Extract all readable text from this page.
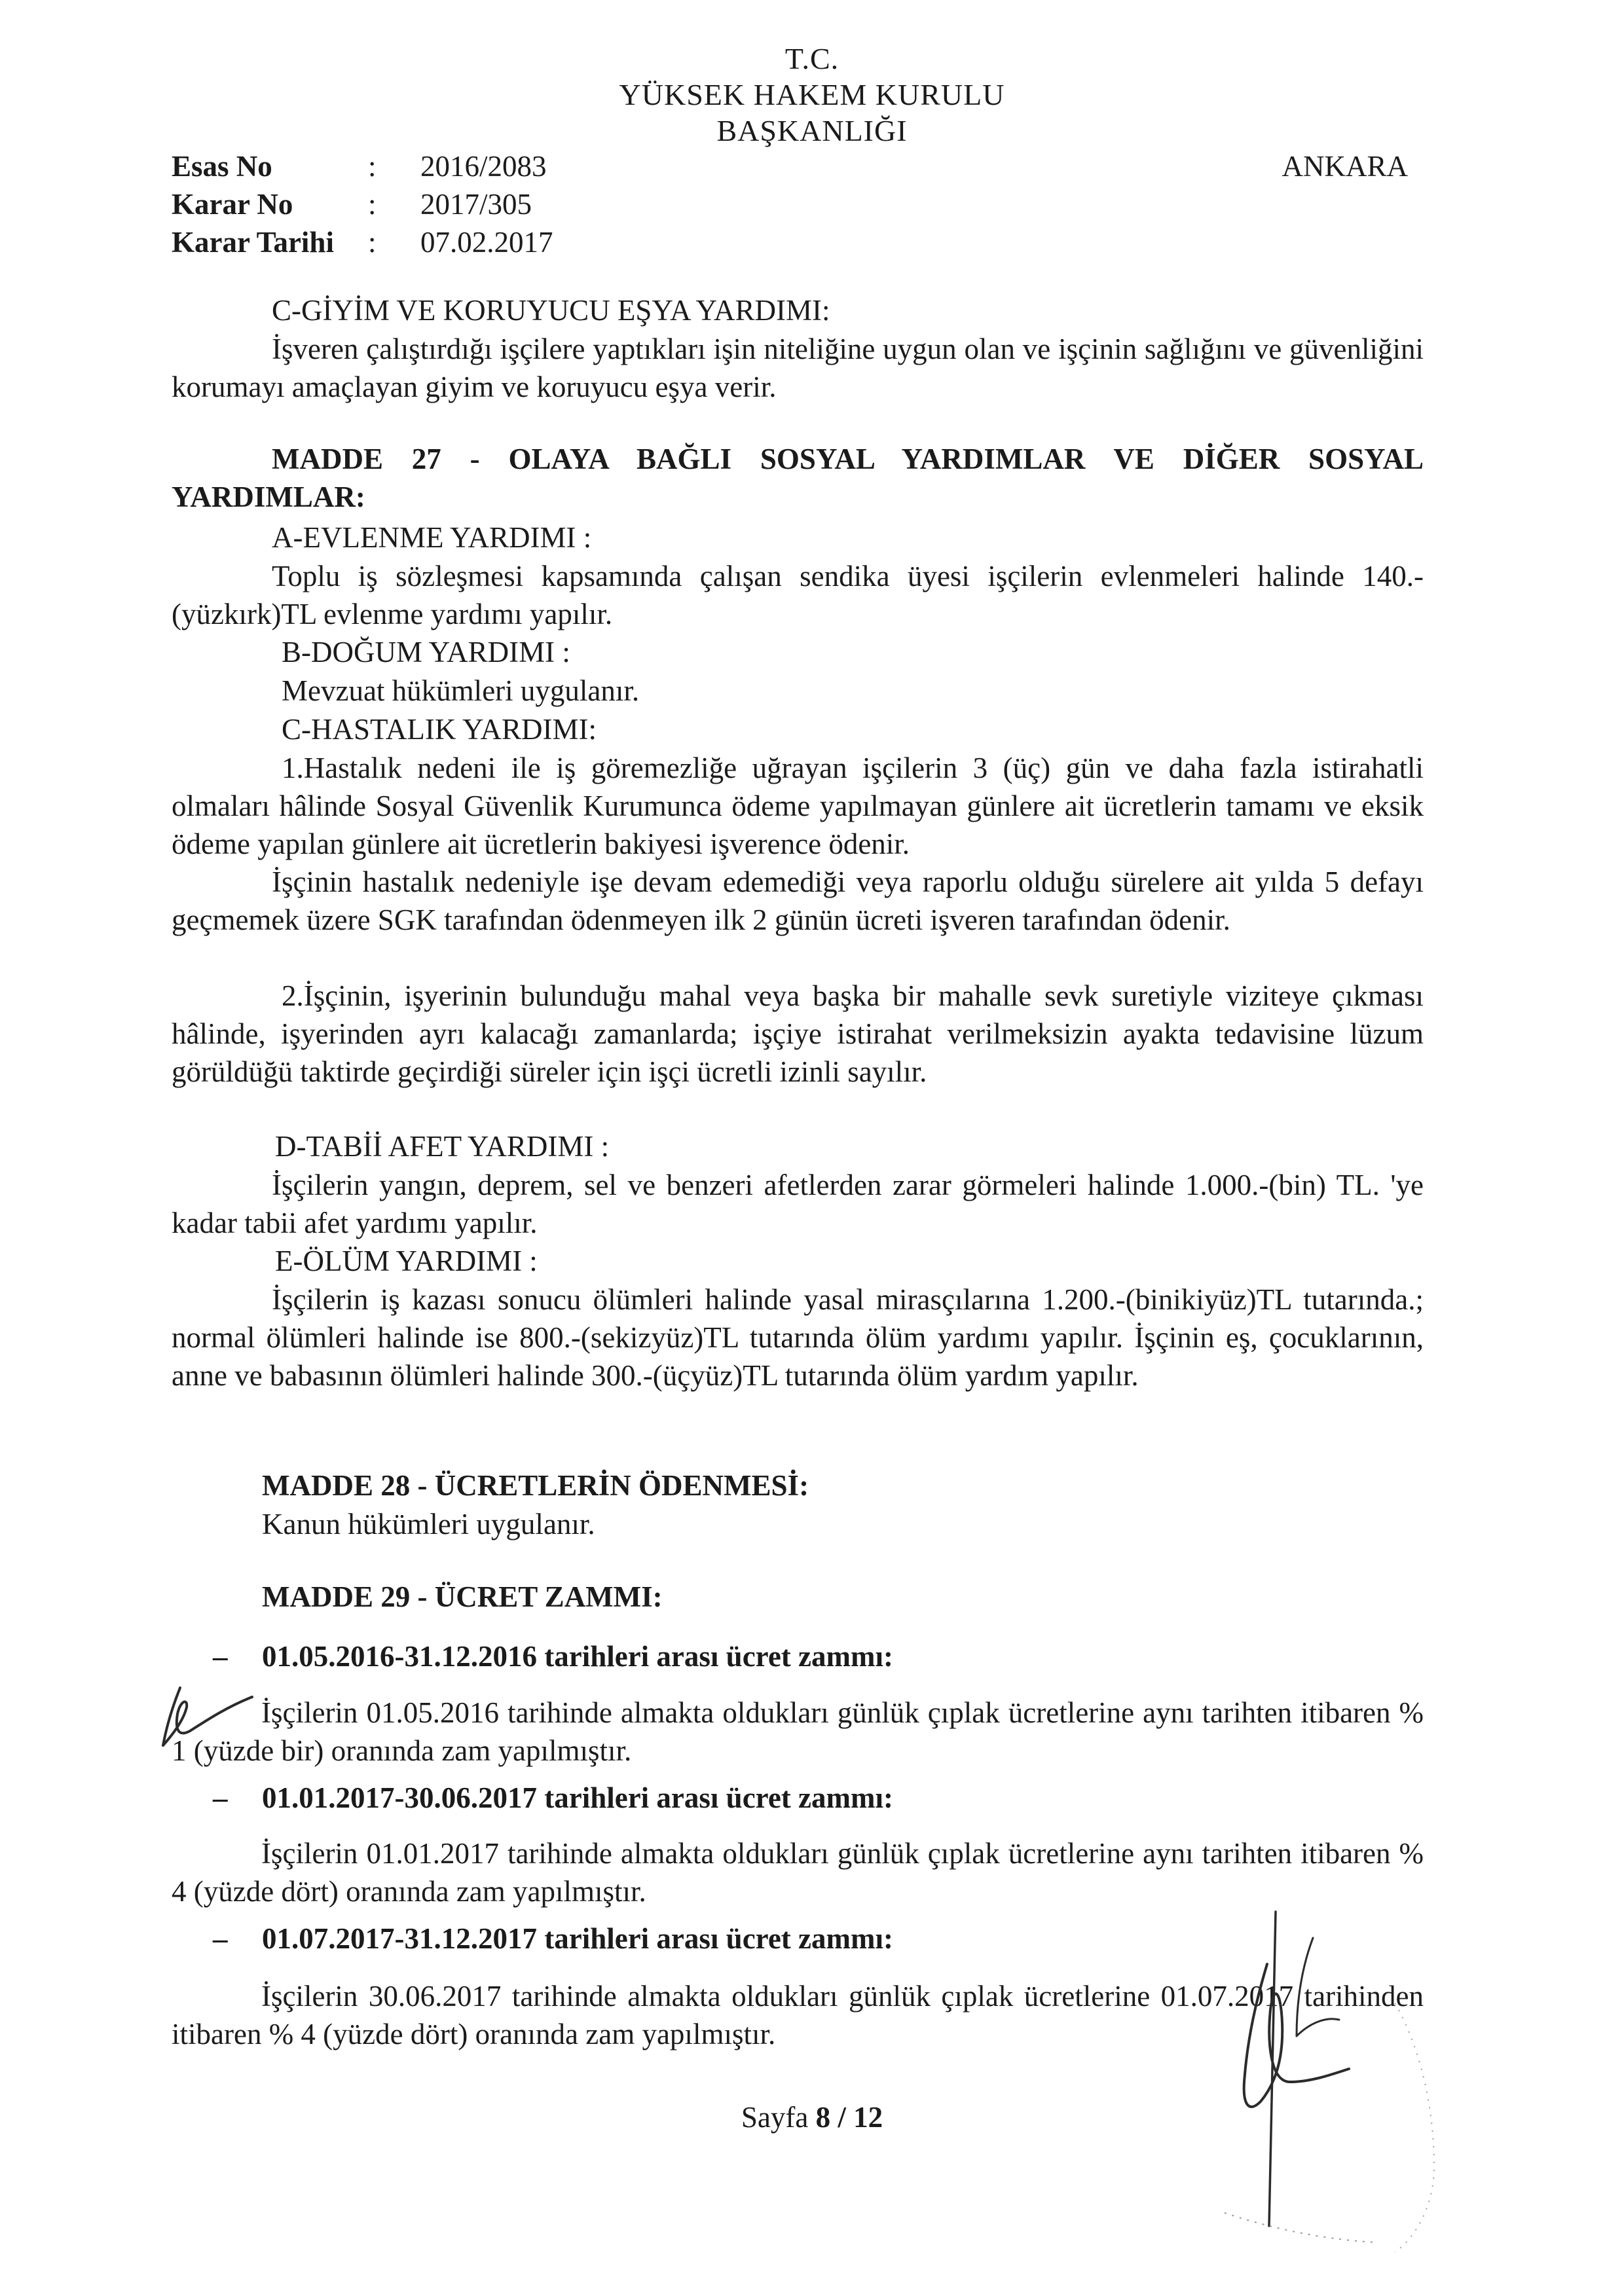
T.C.
YÜKSEK HAKEM KURULU
BAŞKANLIĞI
ANKARA
Esas No	:	2016/2083
Karar No	:	2017/305
Karar Tarihi	:	07.02.2017
C-GİYİM VE KORUYUCU EŞYA YARDIMI:
İşveren çalıştırdığı işçilere yaptıkları işin niteliğine uygun olan ve işçinin sağlığını ve güvenliğini korumayı amaçlayan giyim ve koruyucu eşya verir.
MADDE 27 - OLAYA BAĞLI SOSYAL YARDIMLAR VE DİĞER SOSYAL YARDIMLAR:
A-EVLENME YARDIMI :
Toplu iş sözleşmesi kapsamında çalışan sendika üyesi işçilerin evlenmeleri halinde 140.-(yüzkırk)TL evlenme yardımı yapılır.
B-DOĞUM YARDIMI :
Mevzuat hükümleri uygulanır.
C-HASTALIK YARDIMI:
1.Hastalık nedeni ile iş göremezliğe uğrayan işçilerin 3 (üç) gün ve daha fazla istirahatli olmaları hâlinde Sosyal Güvenlik Kurumunca ödeme yapılmayan günlere ait ücretlerin tamamı ve eksik ödeme yapılan günlere ait ücretlerin bakiyesi işverence ödenir.
İşçinin hastalık nedeniyle işe devam edemediği veya raporlu olduğu sürelere ait yılda 5 defayı geçmemek üzere SGK tarafından ödenmeyen ilk 2 günün ücreti işveren tarafından ödenir.
2.İşçinin, işyerinin bulunduğu mahal veya başka bir mahalle sevk suretiyle viziteye çıkması hâlinde, işyerinden ayrı kalacağı zamanlarda; işçiye istirahat verilmeksizin ayakta tedavisine lüzum görüldüğü taktirde geçirdiği süreler için işçi ücretli izinli sayılır.
D-TABİİ AFET YARDIMI :
İşçilerin yangın, deprem, sel ve benzeri afetlerden zarar görmeleri halinde 1.000.-(bin) TL. 'ye kadar tabii afet yardımı yapılır.
E-ÖLÜM YARDIMI :
İşçilerin iş kazası sonucu ölümleri halinde yasal mirasçılarına 1.200.-(binikiyüz)TL tutarında.; normal ölümleri halinde ise 800.-(sekizyüz)TL tutarında ölüm yardımı yapılır. İşçinin eş, çocuklarının, anne ve babasının ölümleri halinde 300.-(üçyüz)TL tutarında ölüm yardım yapılır.
MADDE 28 - ÜCRETLERİN ÖDENMESİ:
Kanun hükümleri uygulanır.
MADDE 29 - ÜCRET ZAMMI:
– 01.05.2016-31.12.2016 tarihleri arası ücret zammı:
İşçilerin 01.05.2016 tarihinde almakta oldukları günlük çıplak ücretlerine aynı tarihten itibaren % 1 (yüzde bir) oranında zam yapılmıştır.
– 01.01.2017-30.06.2017 tarihleri arası ücret zammı:
İşçilerin 01.01.2017 tarihinde almakta oldukları günlük çıplak ücretlerine aynı tarihten itibaren % 4 (yüzde dört) oranında zam yapılmıştır.
– 01.07.2017-31.12.2017 tarihleri arası ücret zammı:
İşçilerin 30.06.2017 tarihinde almakta oldukları günlük çıplak ücretlerine 01.07.2017 tarihinden itibaren % 4 (yüzde dört) oranında zam yapılmıştır.
Sayfa 8 / 12
